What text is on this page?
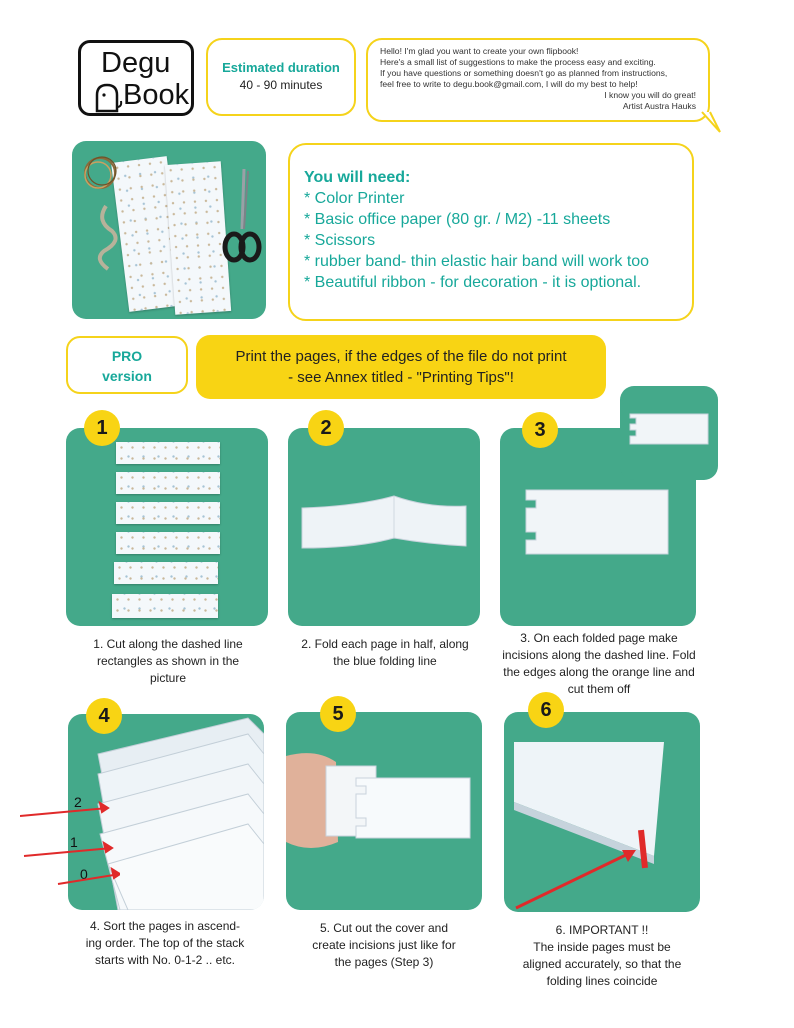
Degu
Book
Estimated duration
40 - 90 minutes
Hello! I'm glad you want to create your own flipbook!
Here's a small list of suggestions to make the process easy and exciting.
If you have questions or something doesn't go as planned from instructions,
feel free to write to degu.book@gmail.com, I will do my best to help!
I know you will do great!
Artist Austra Hauks
You will need:
* Color Printer
* Basic office paper (80 gr. / M2) -11 sheets
* Scissors
* rubber band- thin elastic hair band will work too
* Beautiful ribbon - for decoration - it is optional.
PRO
version
Print the pages, if the edges of the file do not print
- see Annex titled - "Printing Tips"!
1
1. Cut along the dashed line
rectangles as shown in the
picture
2
2. Fold each page in half, along
the blue folding line
3
3. On each folded page make
incisions along the dashed line. Fold
the edges along the orange line and
cut them off
4
2
1
0
4. Sort the pages in ascend-
ing order. The top of the stack
starts with No. 0-1-2 .. etc.
5
5. Cut out the cover and
create incisions just like for
the pages (Step 3)
6
6. IMPORTANT !!
The inside pages must be
aligned accurately, so that the
folding lines coincide
